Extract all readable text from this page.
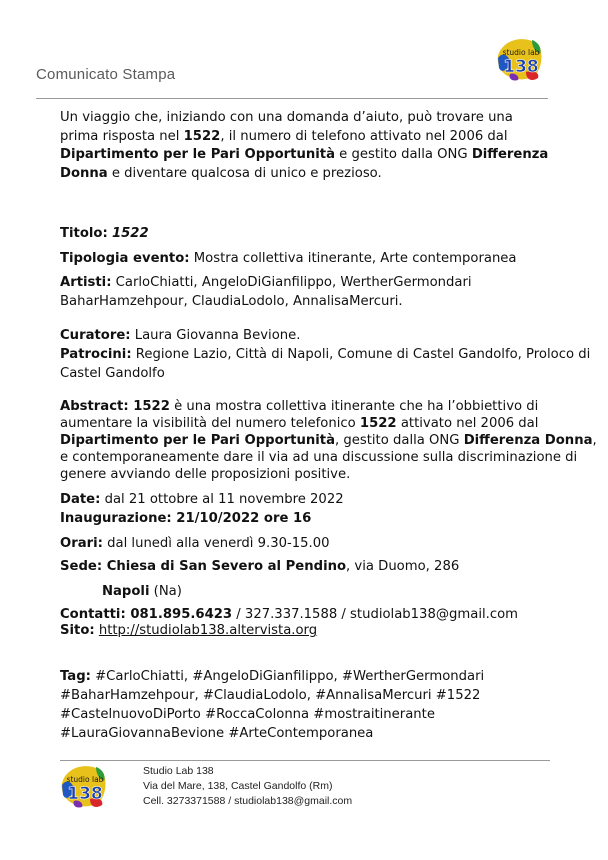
Comunicato Stampa
studio lab
138
Un viaggio che, iniziando con una domanda d’aiuto, può trovare una prima risposta nel 1522, il numero di telefono attivato nel 2006 dal Dipartimento per le Pari Opportunità e gestito dalla ONG Differenza Donna e diventare qualcosa di unico e prezioso.
Titolo: 1522
Tipologia evento: Mostra collettiva itinerante, Arte contemporanea
Artisti: CarloChiatti, AngeloDiGianfilippo, WertherGermondari
BaharHamzehpour, ClaudiaLodolo, AnnalisaMercuri.
Curatore: Laura Giovanna Bevione.
Patrocini: Regione Lazio, Città di Napoli, Comune di Castel Gandolfo, Proloco di
Castel Gandolfo
Abstract: 1522 è una mostra collettiva itinerante che ha l’obbiettivo di
aumentare la visibilità del numero telefonico 1522 attivato nel 2006 dal
Dipartimento per le Pari Opportunità, gestito dalla ONG Differenza Donna,
e contemporaneamente dare il via ad una discussione sulla discriminazione di
genere avviando delle proposizioni positive.
Date: dal 21 ottobre al 11 novembre 2022
Inaugurazione: 21/10/2022 ore 16
Orari: dal lunedì alla venerdì 9.30-15.00
Sede: Chiesa di San Severo al Pendino, via Duomo, 286
Napoli (Na)
Contatti: 081.895.6423 / 327.337.1588 / studiolab138@gmail.com
Sito: http://studiolab138.altervista.org
Tag: #CarloChiatti, #AngeloDiGianfilippo, #WertherGermondari
#BaharHamzehpour, #ClaudiaLodolo, #AnnalisaMercuri #1522
#CastelnuovoDiPorto #RoccaColonna #mostraitinerante
#LauraGiovannaBevione #ArteContemporanea
studio lab
138
Studio Lab 138
Via del Mare, 138, Castel Gandolfo (Rm)
Cell. 3273371588 / studiolab138@gmail.com
